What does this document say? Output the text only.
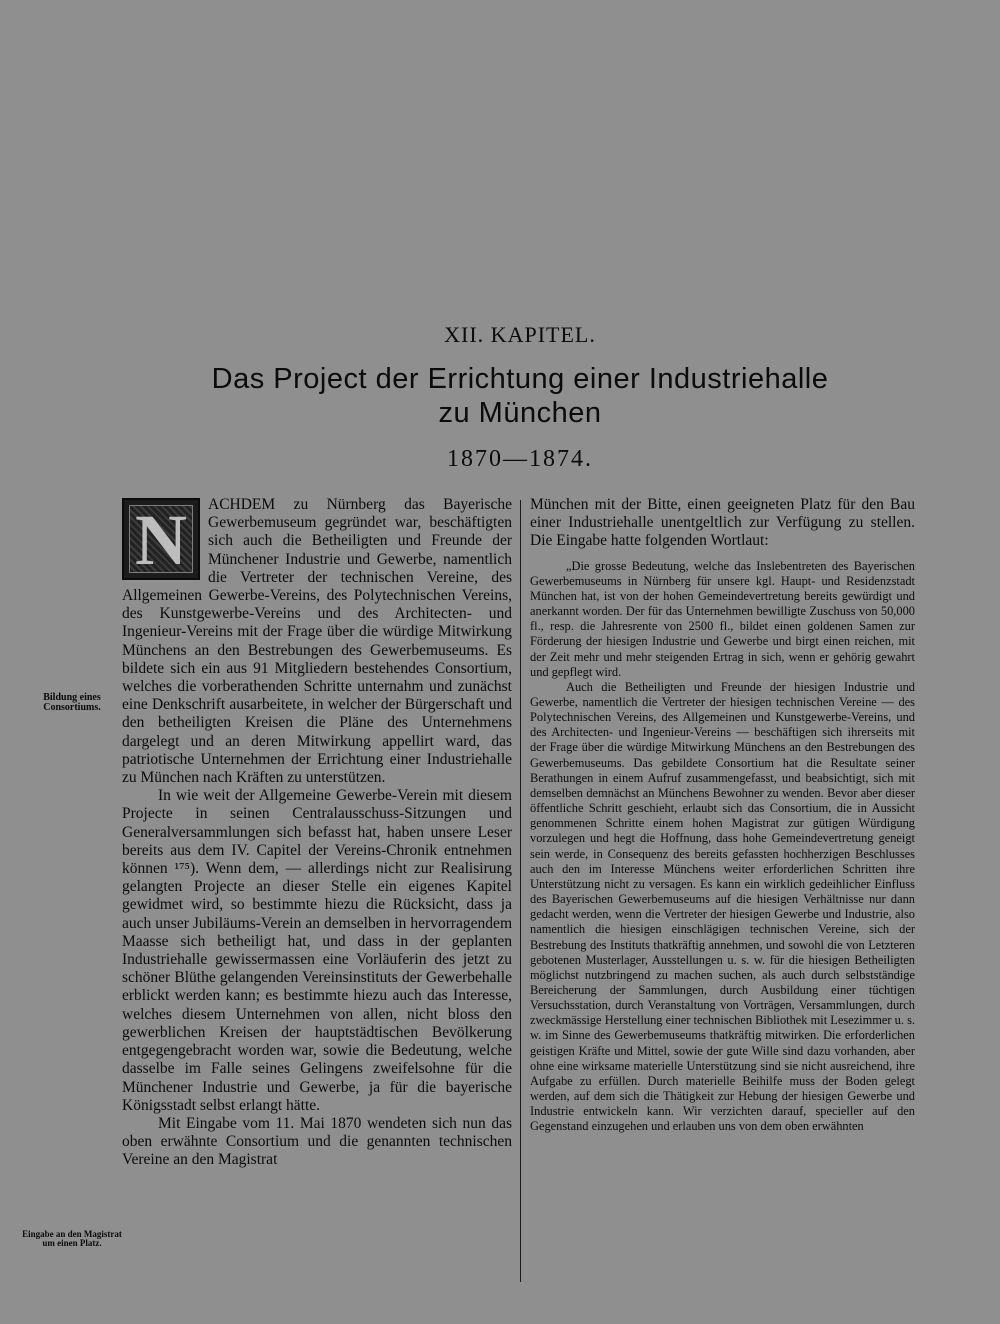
XII. KAPITEL.
Das Project der Errichtung einer Industriehalle
zu München
1870—1874.
N	ACHDEM zu Nürnberg das Bayerische Gewerbemuseum gegründet war, beschäftigten sich auch die Betheiligten und Freunde der Münchener Industrie und Gewerbe, namentlich die Vertreter der technischen Vereine, des Allgemeinen Gewerbe-Vereins, des Polytechnischen Vereins, des Kunstgewerbe-Vereins und des Architecten- und Ingenieur-Vereins mit der Frage über die würdige Mitwirkung Münchens an den Bestrebungen des Gewerbemuseums. Es bildete sich ein aus 91 Mitgliedern bestehendes Consortium, welches die vorberathenden Schritte unternahm und zunächst eine Denkschrift ausarbeitete, in welcher der Bürgerschaft und den betheiligten Kreisen die Pläne des Unternehmens dargelegt und an deren Mitwirkung appellirt ward, das patriotische Unternehmen der Errichtung einer Industriehalle zu München nach Kräften zu unterstützen.

In wie weit der Allgemeine Gewerbe-Verein mit diesem Projecte in seinen Centralausschuss-Sitzungen und Generalversammlungen sich befasst hat, haben unsere Leser bereits aus dem IV. Capitel der Vereins-Chronik entnehmen können ¹⁷⁵). Wenn dem, — allerdings nicht zur Realisirung gelangten Projecte an dieser Stelle ein eigenes Kapitel gewidmet wird, so bestimmte hiezu die Rücksicht, dass ja auch unser Jubiläums-Verein an demselben in hervorragendem Maasse sich betheiligt hat, und dass in der geplanten Industriehalle gewissermassen eine Vorläuferin des jetzt zu schöner Blüthe gelangenden Vereinsinstituts der Gewerbehalle erblickt werden kann; es bestimmte hiezu auch das Interesse, welches diesem Unternehmen von allen, nicht bloss den gewerblichen Kreisen der hauptstädtischen Bevölkerung entgegengebracht worden war, sowie die Bedeutung, welche dasselbe im Falle seines Gelingens zweifelsohne für die Münchener Industrie und Gewerbe, ja für die bayerische Königsstadt selbst erlangt hätte.

Mit Eingabe vom 11. Mai 1870 wendeten sich nun das oben erwähnte Consortium und die genannten technischen Vereine an den Magistrat

München mit der Bitte, einen geeigneten Platz für den Bau einer Industriehalle unentgeltlich zur Verfügung zu stellen. Die Eingabe hatte folgenden Wortlaut:

„Die grosse Bedeutung, welche das Inslebentreten des Bayerischen Gewerbemuseums in Nürnberg für unsere kgl. Haupt- und Residenzstadt München hat, ist von der hohen Gemeindevertretung bereits gewürdigt und anerkannt worden. Der für das Unternehmen bewilligte Zuschuss von 50,000 fl., resp. die Jahresrente von 2500 fl., bildet einen goldenen Samen zur Förderung der hiesigen Industrie und Gewerbe und birgt einen reichen, mit der Zeit mehr und mehr steigenden Ertrag in sich, wenn er gehörig gewahrt und gepflegt wird.

Auch die Betheiligten und Freunde der hiesigen Industrie und Gewerbe, namentlich die Vertreter der hiesigen technischen Vereine — des Polytechnischen Vereins, des Allgemeinen und Kunstgewerbe-Vereins, und des Architecten- und Ingenieur-Vereins — beschäftigen sich ihrerseits mit der Frage über die würdige Mitwirkung Münchens an den Bestrebungen des Gewerbemuseums. Das gebildete Consortium hat die Resultate seiner Berathungen in einem Aufruf zusammengefasst, und beabsichtigt, sich mit demselben demnächst an Münchens Bewohner zu wenden. Bevor aber dieser öffentliche Schritt geschieht, erlaubt sich das Consortium, die in Aussicht genommenen Schritte einem hohen Magistrat zur gütigen Würdigung vorzulegen und hegt die Hoffnung, dass hohe Gemeindevertretung geneigt sein werde, in Consequenz des bereits gefassten hochherzigen Beschlusses auch den im Interesse Münchens weiter erforderlichen Schritten ihre Unterstützung nicht zu versagen. Es kann ein wirklich gedeihlicher Einfluss des Bayerischen Gewerbemuseums auf die hiesigen Verhältnisse nur dann gedacht werden, wenn die Vertreter der hiesigen Gewerbe und Industrie, also namentlich die hiesigen einschlägigen technischen Vereine, sich der Bestrebung des Instituts thatkräftig annehmen, und sowohl die von Letzteren gebotenen Musterlager, Ausstellungen u. s. w. für die hiesigen Betheiligten möglichst nutzbringend zu machen suchen, als auch durch selbstständige Bereicherung der Sammlungen, durch Ausbildung einer tüchtigen Versuchsstation, durch Veranstaltung von Vorträgen, Versammlungen, durch zweckmässige Herstellung einer technischen Bibliothek mit Lesezimmer u. s. w. im Sinne des Gewerbemuseums thatkräftig mitwirken. Die erforderlichen geistigen Kräfte und Mittel, sowie der gute Wille sind dazu vorhanden, aber ohne eine wirksame materielle Unterstützung sind sie nicht ausreichend, ihre Aufgabe zu erfüllen. Durch materielle Beihilfe muss der Boden gelegt werden, auf dem sich die Thätigkeit zur Hebung der hiesigen Gewerbe und Industrie entwickeln kann. Wir verzichten darauf, specieller auf den Gegenstand einzugehen und erlauben uns von dem oben erwähnten

Bildung eines Consortiums.
Eingabe an den Magistrat um einen Platz.
